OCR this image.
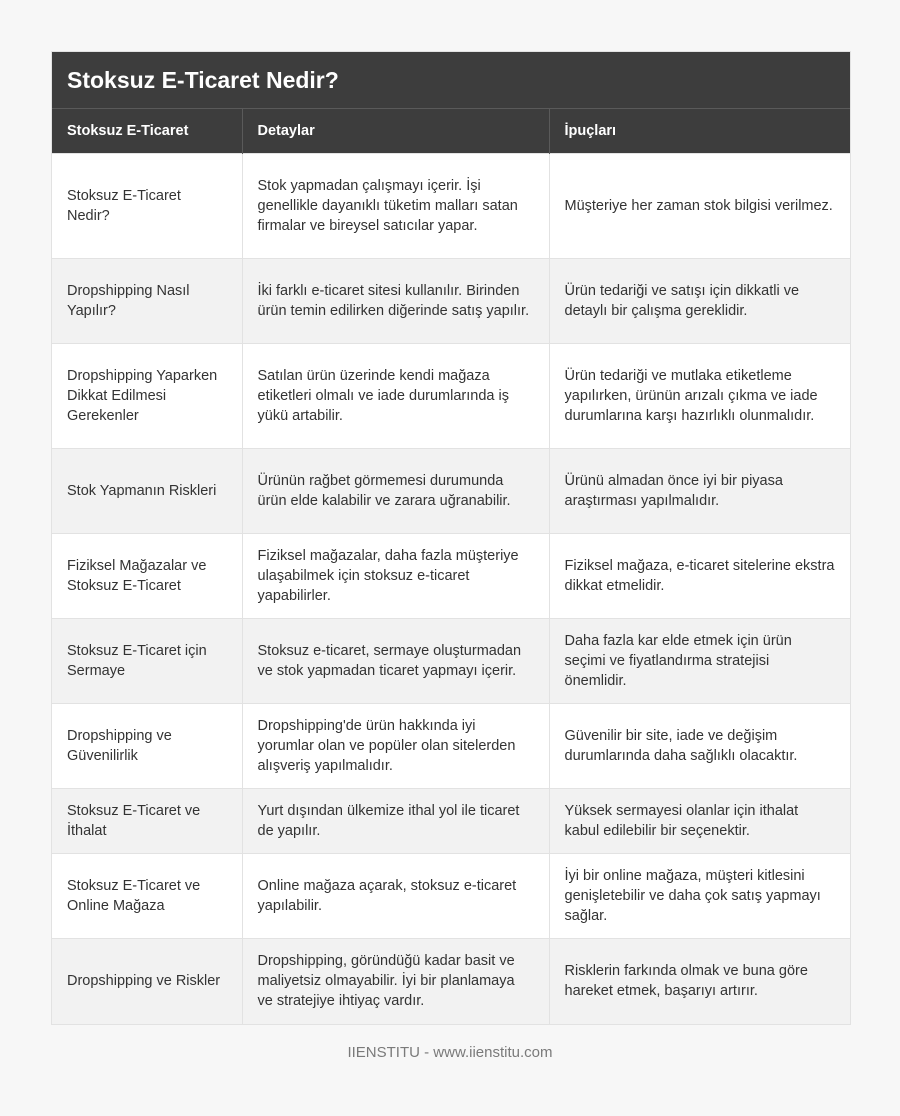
Stoksuz E-Ticaret Nedir?
Stoksuz E-Ticaret	Detaylar	İpuçları
Stoksuz E-Ticaret Nedir?	Stok yapmadan çalışmayı içerir. İşi genellikle dayanıklı tüketim malları satan firmalar ve bireysel satıcılar yapar.	Müşteriye her zaman stok bilgisi verilmez.
Dropshipping Nasıl Yapılır?	İki farklı e-ticaret sitesi kullanılır. Birinden ürün temin edilirken diğerinde satış yapılır.	Ürün tedariği ve satışı için dikkatli ve detaylı bir çalışma gereklidir.
Dropshipping Yaparken Dikkat Edilmesi Gerekenler	Satılan ürün üzerinde kendi mağaza etiketleri olmalı ve iade durumlarında iş yükü artabilir.	Ürün tedariği ve mutlaka etiketleme yapılırken, ürünün arızalı çıkma ve iade durumlarına karşı hazırlıklı olunmalıdır.
Stok Yapmanın Riskleri	Ürünün rağbet görmemesi durumunda ürün elde kalabilir ve zarara uğranabilir.	Ürünü almadan önce iyi bir piyasa araştırması yapılmalıdır.
Fiziksel Mağazalar ve Stoksuz E-Ticaret	Fiziksel mağazalar, daha fazla müşteriye ulaşabilmek için stoksuz e-ticaret yapabilirler.	Fiziksel mağaza, e-ticaret sitelerine ekstra dikkat etmelidir.
Stoksuz E-Ticaret için Sermaye	Stoksuz e-ticaret, sermaye oluşturmadan ve stok yapmadan ticaret yapmayı içerir.	Daha fazla kar elde etmek için ürün seçimi ve fiyatlandırma stratejisi önemlidir.
Dropshipping ve Güvenilirlik	Dropshipping'de ürün hakkında iyi yorumlar olan ve popüler olan sitelerden alışveriş yapılmalıdır.	Güvenilir bir site, iade ve değişim durumlarında daha sağlıklı olacaktır.
Stoksuz E-Ticaret ve İthalat	Yurt dışından ülkemize ithal yol ile ticaret de yapılır.	Yüksek sermayesi olanlar için ithalat kabul edilebilir bir seçenektir.
Stoksuz E-Ticaret ve Online Mağaza	Online mağaza açarak, stoksuz e-ticaret yapılabilir.	İyi bir online mağaza, müşteri kitlesini genişletebilir ve daha çok satış yapmayı sağlar.
Dropshipping ve Riskler	Dropshipping, göründüğü kadar basit ve maliyetsiz olmayabilir. İyi bir planlamaya ve stratejiye ihtiyaç vardır.	Risklerin farkında olmak ve buna göre hareket etmek, başarıyı artırır.
IIENSTITU - www.iienstitu.com
